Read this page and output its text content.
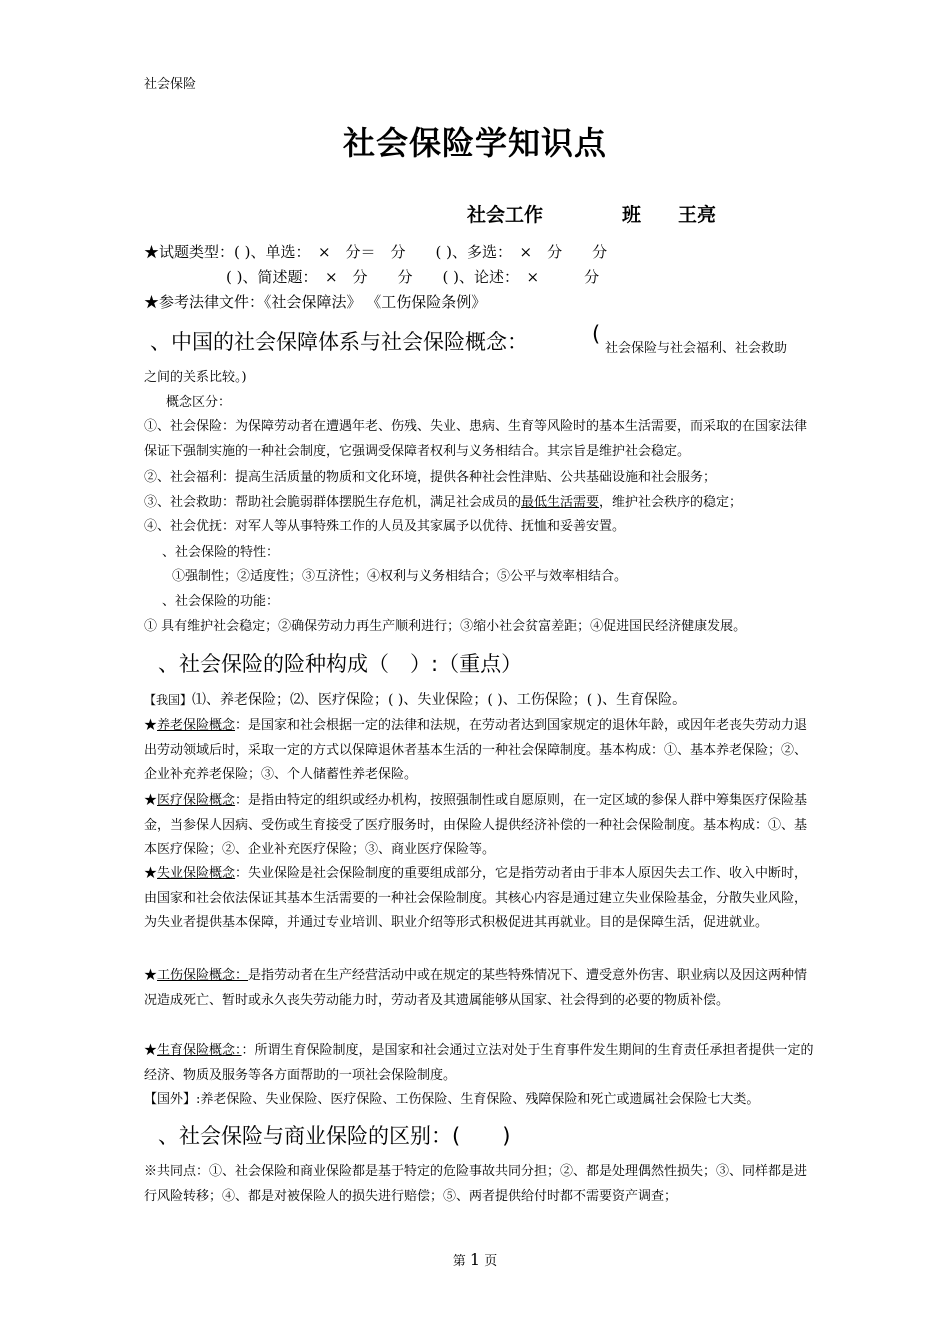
社会保险
社会保险学知识点
社会工作	班 王亮
★试题类型：( )、单选：　×　分＝　分　　( )、多选：　×　分　　分
( )、简述题：　×　分　　分　　( )、论述：　×　　　分
★参考法律文件：《社会保障法》 《工伤保险条例》
、中国的社会保障体系与社会保险概念：	(
社会保险与社会福利、社会救助
之间的关系比较。)
概念区分：
①、社会保险：为保障劳动者在遭遇年老、伤残、失业、患病、生育等风险时的基本生活需要，而采取的在国家法律保证下强制实施的一种社会制度，它强调受保障者权利与义务相结合。其宗旨是维护社会稳定。
②、社会福利：提高生活质量的物质和文化环境，提供各种社会性津贴、公共基础设施和社会服务；
③、社会救助：帮助社会脆弱群体摆脱生存危机，满足社会成员的最低生活需要，维护社会秩序的稳定；
④、社会优抚：对军人等从事特殊工作的人员及其家属予以优待、抚恤和妥善安置。
、社会保险的特性：
①强制性；②适度性；③互济性；④权利与义务相结合；⑤公平与效率相结合。
、社会保险的功能：
① 具有维护社会稳定；②确保劳动力再生产顺利进行；③缩小社会贫富差距；④促进国民经济健康发展。
、社会保险的险种构成（　）:（重点）
【我国】⑴、养老保险；⑵、医疗保险；( )、失业保险；( )、工伤保险；( )、生育保险。
★养老保险概念：是国家和社会根据一定的法律和法规，在劳动者达到国家规定的退休年龄，或因年老丧失劳动力退出劳动领域后时，采取一定的方式以保障退休者基本生活的一种社会保障制度。基本构成：①、基本养老保险；②、企业补充养老保险；③、个人储蓄性养老保险。
★医疗保险概念：是指由特定的组织或经办机构，按照强制性或自愿原则，在一定区域的参保人群中筹集医疗保险基金，当参保人因病、受伤或生育接受了医疗服务时，由保险人提供经济补偿的一种社会保险制度。基本构成：①、基本医疗保险；②、企业补充医疗保险；③、商业医疗保险等。
★失业保险概念：失业保险是社会保险制度的重要组成部分，它是指劳动者由于非本人原因失去工作、收入中断时，由国家和社会依法保证其基本生活需要的一种社会保险制度。其核心内容是通过建立失业保险基金，分散失业风险，为失业者提供基本保障，并通过专业培训、职业介绍等形式积极促进其再就业。目的是保障生活，促进就业。
★工伤保险概念：是指劳动者在生产经营活动中或在规定的某些特殊情况下、遭受意外伤害、职业病以及因这两种情况造成死亡、暂时或永久丧失劳动能力时，劳动者及其遗属能够从国家、社会得到的必要的物质补偿。
★生育保险概念：：所谓生育保险制度，是国家和社会通过立法对处于生育事件发生期间的生育责任承担者提供一定的经济、物质及服务等各方面帮助的一项社会保险制度。
【国外】:养老保险、失业保险、医疗保险、工伤保险、生育保险、残障保险和死亡或遗属社会保险七大类。
、社会保险与商业保险的区别：(　　)
※共同点：①、社会保险和商业保险都是基于特定的危险事故共同分担；②、都是处理偶然性损失；③、同样都是进行风险转移；④、都是对被保险人的损失进行赔偿；⑤、两者提供给付时都不需要资产调查；
第 1 页
